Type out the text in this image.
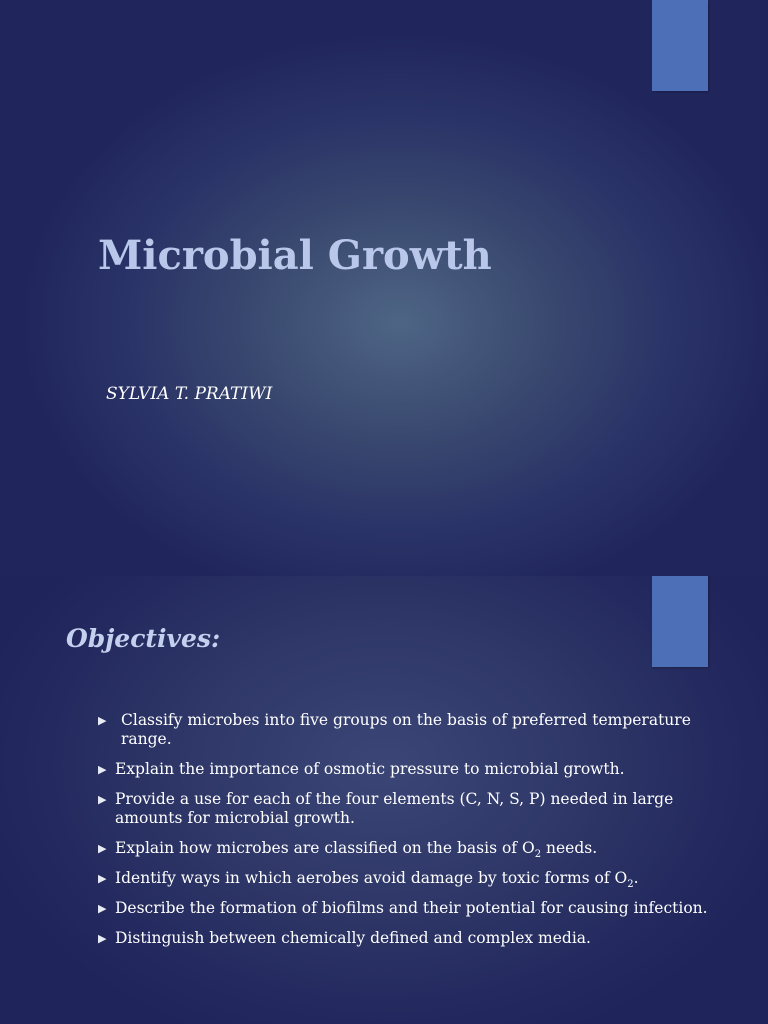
Microbial Growth
SYLVIA T. PRATIWI
Objectives:
▶ Classify microbes into five groups on the basis of preferred temperature range.
▶ Explain the importance of osmotic pressure to microbial growth.
▶ Provide a use for each of the four elements (C, N, S, P) needed in large amounts for microbial growth.
▶ Explain how microbes are classified on the basis of $O_2$ needs.
▶ Identify ways in which aerobes avoid damage by toxic forms of $O_2$.
▶ Describe the formation of biofilms and their potential for causing infection.
▶ Distinguish between chemically defined and complex media.
